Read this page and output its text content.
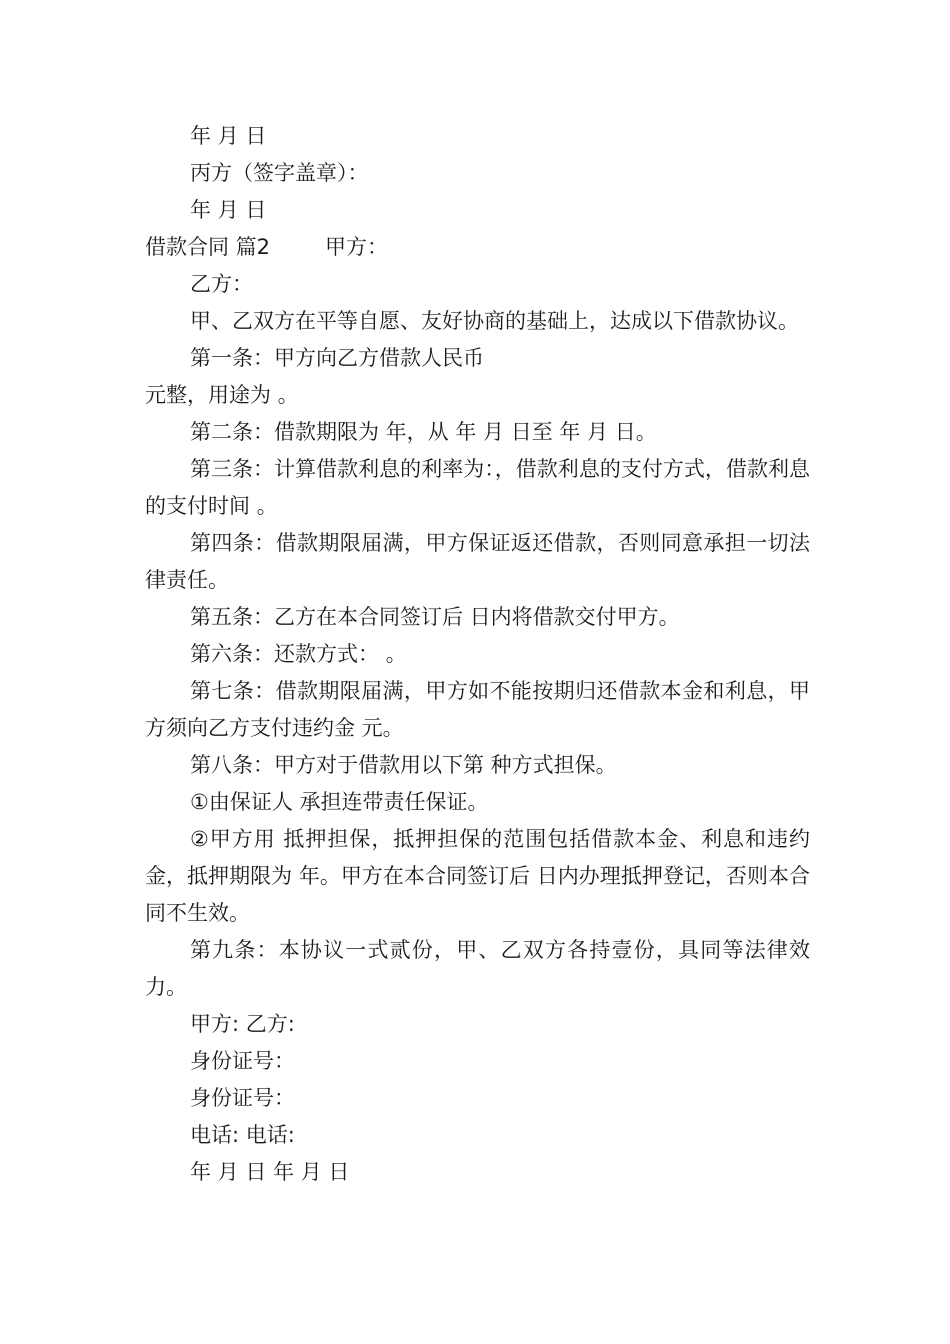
年 月 日

丙方（签字盖章）：

年 月 日

借款合同 篇2	甲方：

乙方：

甲、乙双方在平等自愿、友好协商的基础上，达成以下借款协议。

第一条：甲方向乙方借款人民币

元整，用途为 。

第二条：借款期限为 年，从 年 月 日至 年 月 日。

第三条：计算借款利息的利率为：，借款利息的支付方式，借款利息的支付时间 。

第四条：借款期限届满，甲方保证返还借款，否则同意承担一切法律责任。

第五条：乙方在本合同签订后 日内将借款交付甲方。

第六条：还款方式： 。

第七条：借款期限届满，甲方如不能按期归还借款本金和利息，甲方须向乙方支付违约金 元。

第八条：甲方对于借款用以下第 种方式担保。

①由保证人 承担连带责任保证。

②甲方用 抵押担保，抵押担保的范围包括借款本金、利息和违约金，抵押期限为 年。甲方在本合同签订后 日内办理抵押登记，否则本合同不生效。

第九条：本协议一式贰份，甲、乙双方各持壹份，具同等法律效力。

甲方: 乙方:

身份证号：

身份证号：

电话: 电话:

年 月 日 年 月 日
